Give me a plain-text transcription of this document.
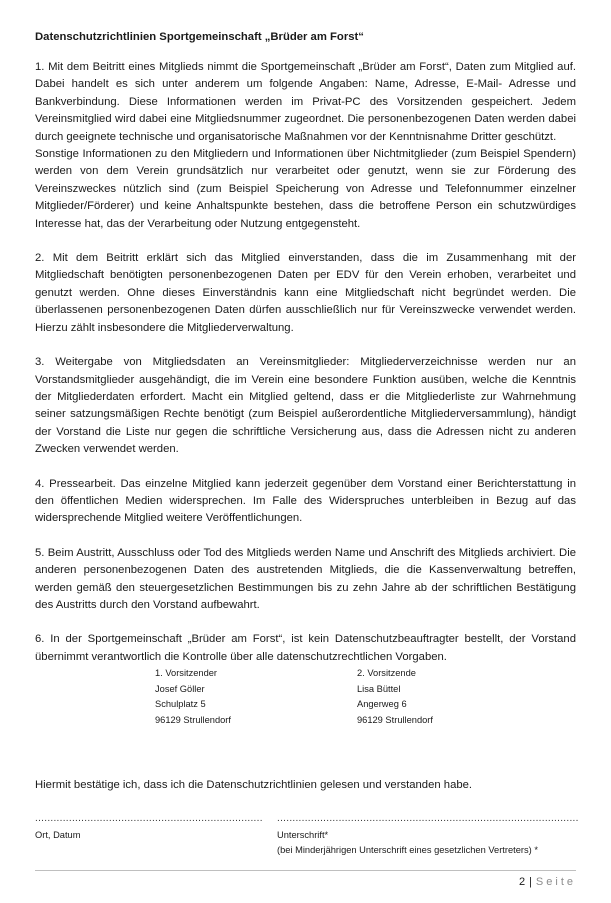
Datenschutzrichtlinien Sportgemeinschaft „Brüder am Forst“

1. Mit dem Beitritt eines Mitglieds nimmt die Sportgemeinschaft „Brüder am Forst“, Daten zum Mitglied auf. Dabei handelt es sich unter anderem um folgende Angaben: Name, Adresse, E-Mail- Adresse und Bankverbindung. Diese Informationen werden im Privat-PC des Vorsitzenden gespeichert. Jedem Vereinsmitglied wird dabei eine Mitgliedsnummer zugeordnet. Die personenbezogenen Daten werden dabei durch geeignete technische und organisatorische Maßnahmen vor der Kenntnisnahme Dritter geschützt.
Sonstige Informationen zu den Mitgliedern und Informationen über Nichtmitglieder (zum Beispiel Spendern) werden von dem Verein grundsätzlich nur verarbeitet oder genutzt, wenn sie zur Förderung des Vereinszweckes nützlich sind (zum Beispiel Speicherung von Adresse und Telefonnummer einzelner Mitglieder/Förderer) und keine Anhaltspunkte bestehen, dass die betroffene Person ein schutzwürdiges Interesse hat, das der Verarbeitung oder Nutzung entgegensteht.

2. Mit dem Beitritt erklärt sich das Mitglied einverstanden, dass die im Zusammenhang mit der Mitgliedschaft benötigten personenbezogenen Daten per EDV für den Verein erhoben, verarbeitet und genutzt werden. Ohne dieses Einverständnis kann eine Mitgliedschaft nicht begründet werden. Die überlassenen personenbezogenen Daten dürfen ausschließlich nur für Vereinszwecke verwendet werden. Hierzu zählt insbesondere die Mitgliederverwaltung.

3. Weitergabe von Mitgliedsdaten an Vereinsmitglieder: Mitgliederverzeichnisse werden nur an Vorstandsmitglieder ausgehändigt, die im Verein eine besondere Funktion ausüben, welche die Kenntnis der Mitgliederdaten erfordert. Macht ein Mitglied geltend, dass er die Mitgliederliste zur Wahrnehmung seiner satzungsmäßigen Rechte benötigt (zum Beispiel außerordentliche Mitgliederversammlung), händigt der Vorstand die Liste nur gegen die schriftliche Versicherung aus, dass die Adressen nicht zu anderen Zwecken verwendet werden.

4. Pressearbeit. Das einzelne Mitglied kann jederzeit gegenüber dem Vorstand einer Berichterstattung in den öffentlichen Medien widersprechen. Im Falle des Widerspruches unterbleiben in Bezug auf das widersprechende Mitglied weitere Veröffentlichungen.

5. Beim Austritt, Ausschluss oder Tod des Mitglieds werden Name und Anschrift des Mitglieds archiviert. Die anderen personenbezogenen Daten des austretenden Mitglieds, die die Kassenverwaltung betreffen, werden gemäß den steuergesetzlichen Bestimmungen bis zu zehn Jahre ab der schriftlichen Bestätigung des Austritts durch den Vorstand aufbewahrt.

6. In der Sportgemeinschaft „Brüder am Forst“, ist kein Datenschutzbeauftragter bestellt, der Vorstand übernimmt verantwortlich die Kontrolle über alle datenschutzrechtlichen Vorgaben.

1. Vorsitzender
Josef Göller
Schulplatz 5
96129 Strullendorf
2. Vorsitzende
Lisa Büttel
Angerweg 6
96129 Strullendorf
Hiermit bestätige ich, dass ich die Datenschutzrichtlinien gelesen und verstanden habe.
.......................................................................... ..................................................................................................
Ort, Datum	Unterschrift*
(bei Minderjährigen Unterschrift eines gesetzlichen Vertreters) *
2 | Seite
